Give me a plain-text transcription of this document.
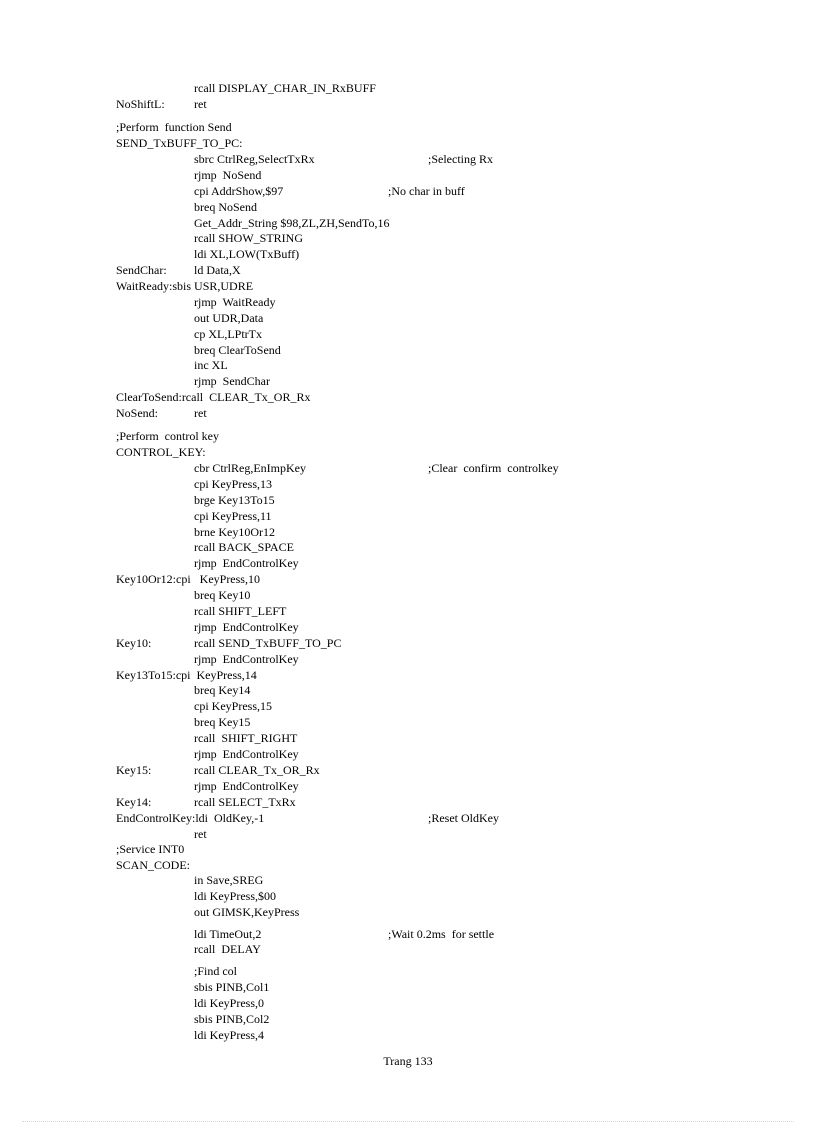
rcall DISPLAY_CHAR_IN_RxBUFF
NoShiftL: ret
;Perform  function Send
SEND_TxBUFF_TO_PC:
sbrc CtrlReg,SelectTxRx	;Selecting Rx
rjmp  NoSend
cpi AddrShow,$97	;No char in buff
breq NoSend
Get_Addr_String $98,ZL,ZH,SendTo,16
rcall SHOW_STRING
ldi XL,LOW(TxBuff)
SendChar: ld Data,X
WaitReady:sbis USR,UDRE
rjmp  WaitReady
out UDR,Data
cp XL,LPtrTx
breq ClearToSend
inc XL
rjmp  SendChar
ClearToSend:rcall  CLEAR_Tx_OR_Rx
NoSend:	ret
;Perform  control key
CONTROL_KEY:
cbr CtrlReg,EnImpKey	;Clear  confirm  controlkey
cpi KeyPress,13
brge Key13To15
cpi KeyPress,11
brne Key10Or12
rcall BACK_SPACE
rjmp  EndControlKey
Key10Or12:cpi   KeyPress,10
breq Key10
rcall SHIFT_LEFT
rjmp  EndControlKey
Key10:	rcall SEND_TxBUFF_TO_PC
rjmp  EndControlKey
Key13To15:cpi  KeyPress,14
breq Key14
cpi KeyPress,15
breq Key15
rcall  SHIFT_RIGHT
rjmp  EndControlKey
Key15:	rcall CLEAR_Tx_OR_Rx
rjmp  EndControlKey
Key14:	rcall SELECT_TxRx
EndControlKey:ldi  OldKey,-1	;Reset OldKey
ret
;Service INT0
SCAN_CODE:
in Save,SREG
ldi KeyPress,$00
out GIMSK,KeyPress
ldi TimeOut,2	;Wait 0.2ms  for settle
rcall  DELAY
;Find col
sbis PINB,Col1
ldi KeyPress,0
sbis PINB,Col2
ldi KeyPress,4
Trang 133
